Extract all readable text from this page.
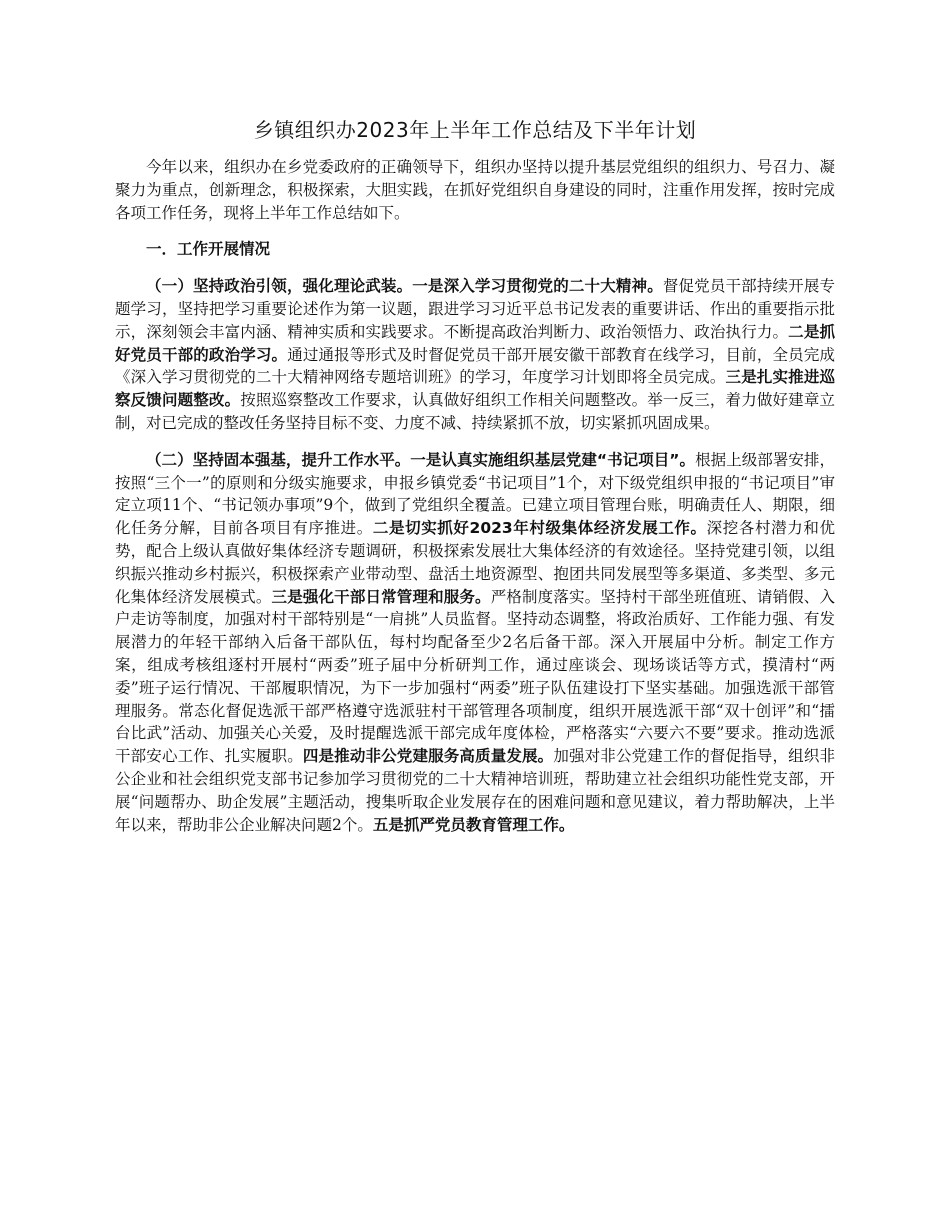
乡镇组织办2023年上半年工作总结及下半年计划

今年以来，组织办在乡党委政府的正确领导下，组织办坚持以提升基层党组织的组织力、号召力、凝聚力为重点，创新理念，积极探索，大胆实践，在抓好党组织自身建设的同时，注重作用发挥，按时完成各项工作任务，现将上半年工作总结如下。

一．工作开展情况

（一）坚持政治引领，强化理论武装。一是深入学习贯彻党的二十大精神。督促党员干部持续开展专题学习，坚持把学习重要论述作为第一议题，跟进学习习近平总书记发表的重要讲话、作出的重要指示批示，深刻领会丰富内涵、精神实质和实践要求。不断提高政治判断力、政治领悟力、政治执行力。二是抓好党员干部的政治学习。通过通报等形式及时督促党员干部开展安徽干部教育在线学习，目前，全员完成《深入学习贯彻党的二十大精神网络专题培训班》的学习，年度学习计划即将全员完成。三是扎实推进巡察反馈问题整改。按照巡察整改工作要求，认真做好组织工作相关问题整改。举一反三，着力做好建章立制，对已完成的整改任务坚持目标不变、力度不减、持续紧抓不放，切实紧抓巩固成果。

（二）坚持固本强基，提升工作水平。一是认真实施组织基层党建“书记项目”。根据上级部署安排，按照“三个一”的原则和分级实施要求，申报乡镇党委“书记项目”1个，对下级党组织申报的“书记项目”审定立项11个、“书记领办事项”9个，做到了党组织全覆盖。已建立项目管理台账，明确责任人、期限，细化任务分解，目前各项目有序推进。二是切实抓好2023年村级集体经济发展工作。深挖各村潜力和优势，配合上级认真做好集体经济专题调研，积极探索发展壮大集体经济的有效途径。坚持党建引领，以组织振兴推动乡村振兴，积极探索产业带动型、盘活土地资源型、抱团共同发展型等多渠道、多类型、多元化集体经济发展模式。三是强化干部日常管理和服务。严格制度落实。坚持村干部坐班值班、请销假、入户走访等制度，加强对村干部特别是“一肩挑”人员监督。坚持动态调整，将政治质好、工作能力强、有发展潜力的年轻干部纳入后备干部队伍，每村均配备至少2名后备干部。深入开展届中分析。制定工作方案，组成考核组逐村开展村“两委”班子届中分析研判工作，通过座谈会、现场谈话等方式，摸清村“两委”班子运行情况、干部履职情况，为下一步加强村“两委”班子队伍建设打下坚实基础。加强选派干部管理服务。常态化督促选派干部严格遵守选派驻村干部管理各项制度，组织开展选派干部“双十创评”和“擂台比武”活动、加强关心关爱，及时提醒选派干部完成年度体检，严格落实“六要六不要”要求。推动选派干部安心工作、扎实履职。四是推动非公党建服务高质量发展。加强对非公党建工作的督促指导，组织非公企业和社会组织党支部书记参加学习贯彻党的二十大精神培训班，帮助建立社会组织功能性党支部，开展“问题帮办、助企发展”主题活动，搜集听取企业发展存在的困难问题和意见建议，着力帮助解决，上半年以来，帮助非公企业解决问题2个。五是抓严党员教育管理工作。
